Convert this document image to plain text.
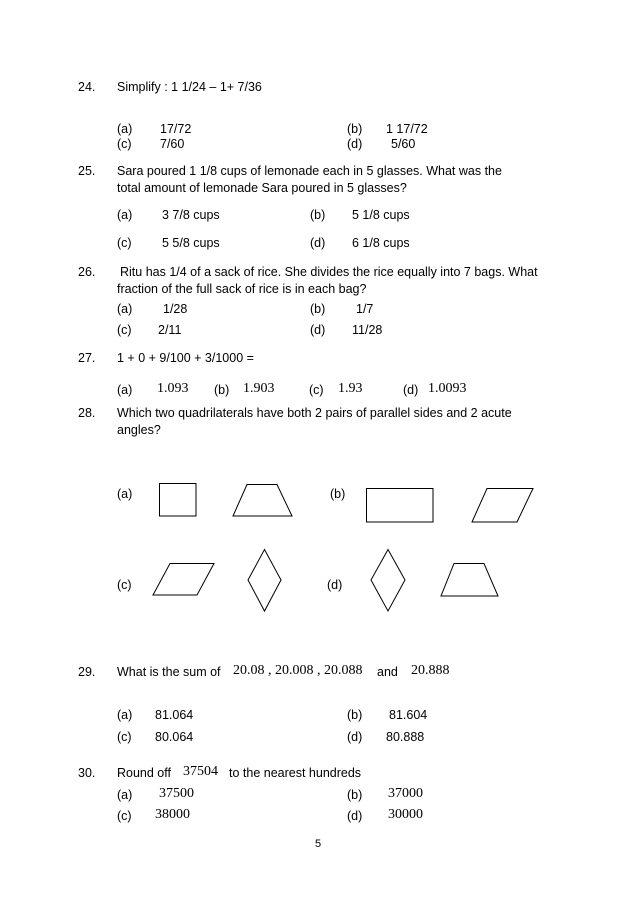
24. Simplify : 1 1/24 – 1+ 7/36
(a) 17/72	(b) 1 17/72
(c) 7/60	(d) 5/60
25. Sara poured 1 1/8 cups of lemonade each in 5 glasses. What was the
total amount of lemonade Sara poured in 5 glasses?
(a) 3 7/8 cups	(b) 5 1/8 cups
(c) 5 5/8 cups	(d) 6 1/8 cups
26. Ritu has 1/4 of a sack of rice. She divides the rice equally into 7 bags. What
fraction of the full sack of rice is in each bag?
(a) 1/28	(b) 1/7
(c) 2/11	(d) 11/28
27. 1 + 0 + 9/100 + 3/1000 =
(a) 1.093 (b) 1.903	(c) 1.93	(d) 1.0093
28. Which two quadrilaterals have both 2 pairs of parallel sides and 2 acute
angles?
(a)	(b)
(c)	(d)
29. What is the sum of 20.08 , 20.008 , 20.088 and 20.888
(a) 81.064	(b) 81.604
(c) 80.064	(d) 80.888
30. Round off 37504 to the nearest hundreds
(a) 37500	(b) 37000
(c) 38000	(d) 30000
5
